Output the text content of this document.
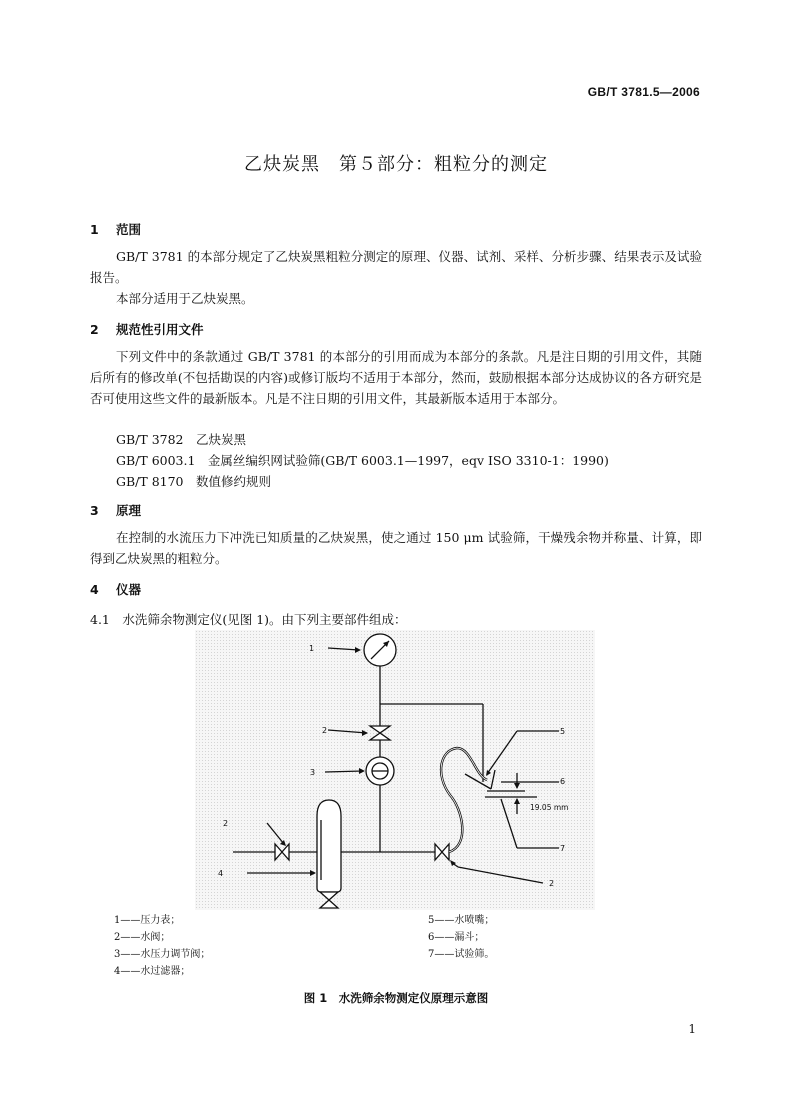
GB/T 3781.5—2006
乙炔炭黑　第５部分：粗粒分的测定
1 范围

GB/T 3781 的本部分规定了乙炔炭黑粗粒分测定的原理、仪器、试剂、采样、分析步骤、结果表示及试验报告。

本部分适用于乙炔炭黑。

2 规范性引用文件

下列文件中的条款通过 GB/T 3781 的本部分的引用而成为本部分的条款。凡是注日期的引用文件，其随后所有的修改单(不包括勘误的内容)或修订版均不适用于本部分，然而，鼓励根据本部分达成协议的各方研究是否可使用这些文件的最新版本。凡是不注日期的引用文件，其最新版本适用于本部分。

GB/T 3782　乙炔炭黑
GB/T 6003.1　金属丝编织网试验筛(GB/T 6003.1—1997，eqv ISO 3310-1：1990)
GB/T 8170　数值修约规则
3 原理

在控制的水流压力下冲洗已知质量的乙炔炭黑，使之通过 150 μm 试验筛，干燥残余物并称量、计算，即得到乙炔炭黑的粗粒分。

4 仪器
4.1　水洗筛余物测定仪(见图 1)。由下列主要部件组成：
1
2
3
2
4
2
5
6
7
19.05 mm
1——压力表；
2——水阀；
3——水压力调节阀；
4——水过滤器；
5——水喷嘴；
6——漏斗；
7——试验筛。
图 1　水洗筛余物测定仪原理示意图
1
